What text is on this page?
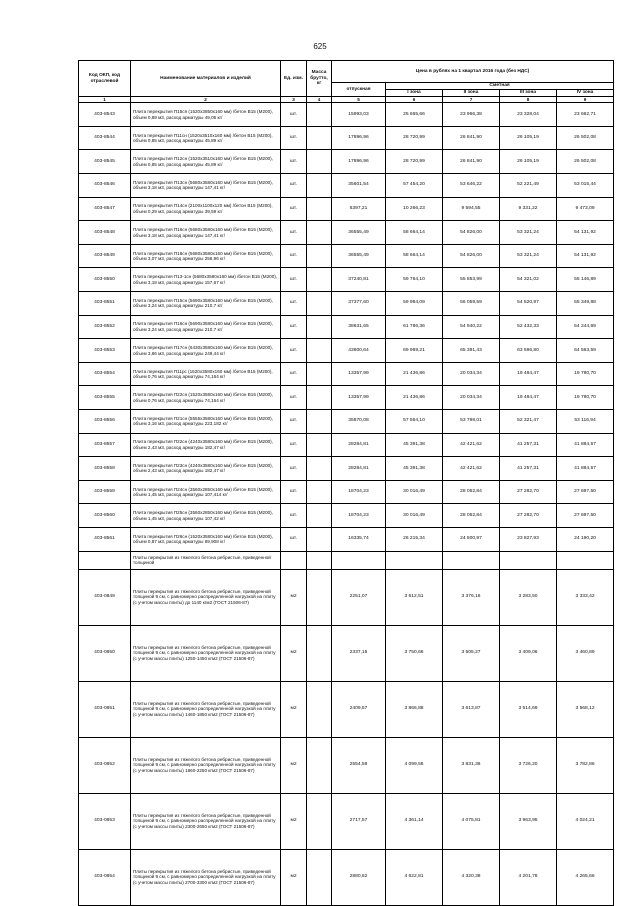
625
Код ОКП, код отраслевой	Наименование материалов и изделий	Ед. изм.	Масса брутто, кг	Цена в рублях на 1 квартал 2016 года (без НДС)				
				отпускная	Сметная			
					I зона	II зона	III зона	IV зона
1	2	3	4	5	6	7	8	9
403-8543	Плита перекрытия П15ся (1520x3850x160 мм) /бетон B15 (M200), объем 0,89 м3, расход арматуры 49,05 кг/	шт.		15993,03	25 665,66	23 966,38	23 328,04	23 662,71
403-8544	Плита перекрытия П11сн (1520x3510x160 мм) /бетон B15 (M200), объем 0,85 м3, расход арматуры 45,89 кг/	шт.		17896,96	28 720,99	26 841,90	26 105,19	26 502,08
403-8545	Плита перекрытия П12сн (1520x3510x160 мм) /бетон B15 (M200), объем 0,85 м3, расход арматуры 45,89 кг/	шт.		17896,96	28 720,99	26 841,90	26 105,19	26 502,08
403-8546	Плита перекрытия П13сн (5680x3580x160 мм) /бетон B15 (M200), объем 3,18 м3, расход арматуры 147,41 кг/	шт.		35601,54	57 454,20	53 646,22	52 221,49	53 015,44
403-8547	Плита перекрытия П14сн (2100x1100x120 мм) /бетон B15 (M200), объем 0,29 м3, расход арматуры 39,59 кг/	шт.		6397,21	10 266,23	9 594,55	9 331,22	9 473,09
403-8548	Плита перекрытия П16сн (5680x3580x160 мм) /бетон B15 (M200), объем 3,18 м3, расход арматуры 147,41 кг/	шт.		36555,49	58 664,14	54 826,00	53 321,24	54 131,92
403-8549	Плита перекрытия П18сн (5680x3580x160 мм) /бетон B15 (M200), объем 3,07 м3, расход арматуры 256,96 кг/	шт.		36555,49	58 664,14	54 826,00	53 321,24	54 131,92
403-8550	Плита перекрытия П13-1сн (5680x3580x160 мм) /бетон B15 (M200), объем 3,18 м3, расход арматуры 157,67 кг/	шт.		37240,81	59 764,10	55 853,99	54 321,02	55 146,89
403-8551	Плита перекрытия П15сн (5690x3580x160 мм) /бетон B15 (M200), объем 3,24 м3, расход арматуры 210,7 кг/	шт.		37377,60	59 984,09	56 059,59	54 520,97	55 349,88
403-8552	Плита перекрытия П16сн (5690x3580x160 мм) /бетон B15 (M200), объем 3,24 м3, расход арматуры 210,7 кг/	шт.		38631,65	61 786,36	54 940,22	52 432,33	54 244,69
403-8553	Плита перекрытия П17сн (6430x3580x160 мм) /бетон B15 (M200), объем 3,66 м3, расход арматуры 249,44 кг/	шт.		43600,64	69 969,21	65 391,43	63 596,80	64 563,59
403-8554	Плита перекрытия П11рс (1520x3580x160 мм) /бетон B15 (M200), объем 0,76 м3, расход арматуры 74,164 кг/	шт.		13357,99	21 436,86	20 034,34	19 484,47	19 780,70
403-8555	Плита перекрытия П22сн (1520x3580x160 мм) /бетон B15 (M200), объем 0,76 м3, расход арматуры 74,164 кг/	шт.		13357,99	21 436,86	20 034,34	19 484,47	19 780,70
403-8556	Плита перекрытия П21сн (5555x3580x160 мм) /бетон B15 (M200), объем 3,16 м3, расход арматуры 223,182 кг/	шт.		35870,08	57 564,10	53 798,01	52 321,47	53 116,94
403-8557	Плита перекрытия П22сн (4240x3580x160 мм) /бетон B15 (M200), объем 2,43 м3, расход арматуры 182,47 кг/	шт.		28284,81	45 391,38	42 421,62	41 257,31	41 884,57
403-8558	Плита перекрытия П23сн (4240x3580x160 мм) /бетон B15 (M200), объем 2,43 м3, расход арматуры 182,47 кг/	шт.		28284,81	45 391,38	42 421,62	41 257,31	41 884,57
403-8559	Плита перекрытия П24сн (3560x2850x160 мм) /бетон B15 (M200), объем 1,45 м3, расход арматуры 107,414 кг/	шт.		18704,23	30 016,49	28 052,84	27 282,70	27 697,50
403-8560	Плита перекрытия П25сн (3560x2850x160 мм) /бетон B15 (M200), объем 1,45 м3, расход арматуры 107,42 кг/	шт.		18704,23	30 016,49	28 052,84	27 282,70	27 697,50
403-8561	Плита перекрытия П26сн (1520x3580x160 мм) /бетон B15 (M200), объем 0,87 м3, расход арматуры 69,908 кг/	шт.		16335,74	26 215,34	24 500,97	23 827,93	24 190,20
	Плиты перекрытия из тяжелого бетона ребристые, приведенной толщиной							
403-0849	Плиты перекрытия из тяжелого бетона ребристые, приведенной толщиной 9 см, с равномерно распределенной нагрузкой на плиту (с учетом массы плиты) до 1140 кгм2 (ГОСТ 21506-87)	м2		2251,07	3 612,51	3 376,16	3 283,50	3 333,42
403-0850	Плиты перекрытия из тяжелого бетона ребристые, приведенной толщиной 9 см, с равномерно распределенной нагрузкой на плиту (с учетом массы плиты) 1250-1450 кгм2 (ГОСТ 21506-87)	м2		2337,15	3 750,66	3 505,27	3 409,06	3 460,89
403-0851	Плиты перекрытия из тяжелого бетона ребристые, приведенной толщиной 9 см, с равномерно распределенной нагрузкой на плиту (с учетом массы плиты) 1460-1850 кгм2 (ГОСТ 21506-87)	м2		2409,57	3 866,88	3 613,87	3 514,69	3 568,12
403-0852	Плиты перекрытия из тяжелого бетона ребристые, приведенной толщиной 9 см, с равномерно распределенной нагрузкой на плиту (с учетом массы плиты) 1860-2250 кгм2 (ГОСТ 21506-87)	м2		2554,58	4 099,56	3 831,36	3 726,20	3 782,86
403-0853	Плиты перекрытия из тяжелого бетона ребристые, приведенной толщиной 9 см, с равномерно распределенной нагрузкой на плиту (с учетом массы плиты) 2300-2650 кгм2 (ГОСТ 21506-87)	м2		2717,57	4 361,14	4 075,81	3 963,95	4 024,21
403-0854	Плиты перекрытия из тяжелого бетона ребристые, приведенной толщиной 9 см, с равномерно распределенной нагрузкой на плиту (с учетом массы плиты) 2700-3300 кгм2 (ГОСТ 21506-87)	м2		2880,62	4 622,81	4 320,38	4 201,78	4 265,66
